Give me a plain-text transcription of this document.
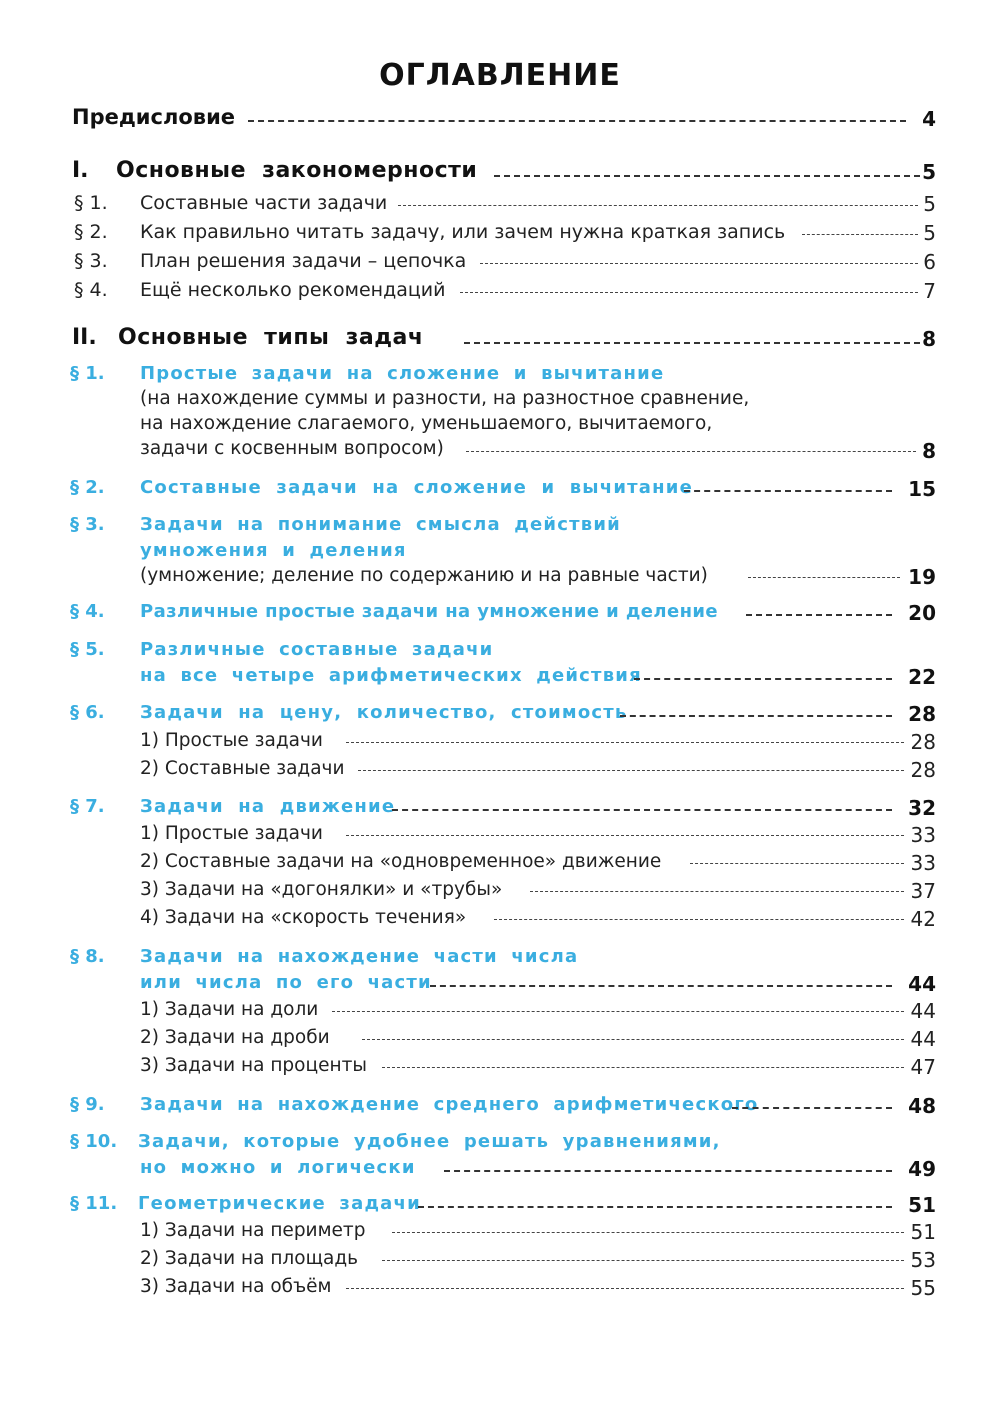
ОГЛАВЛЕНИЕ
Предисловие	4
I. Основные закономерности	5
§ 1. Составные части задачи	5
§ 2. Как правильно читать задачу, или зачем нужна краткая запись	5
§ 3. План решения задачи – цепочка	6
§ 4. Ещё несколько рекомендаций	7
II. Основные типы задач	8
§ 1. Простые задачи на сложение и вычитание
(на нахождение суммы и разности, на разностное сравнение,
на нахождение слагаемого, уменьшаемого, вычитаемого,
задачи с косвенным вопросом)	8
§ 2. Составные задачи на сложение и вычитание	15
§ 3. Задачи на понимание смысла действий
умножения и деления
(умножение; деление по содержанию и на равные части)	19
§ 4. Различные простые задачи на умножение и деление	20
§ 5. Различные составные задачи
на все четыре арифметических действия	22
§ 6. Задачи на цену, количество, стоимость	28
1) Простые задачи	28
2) Составные задачи	28
§ 7. Задачи на движение	32
1) Простые задачи	33
2) Составные задачи на «одновременное» движение	33
3) Задачи на «догонялки» и «трубы»	37
4) Задачи на «скорость течения»	42
§ 8. Задачи на нахождение части числа
или числа по его части	44
1) Задачи на доли	44
2) Задачи на дроби	44
3) Задачи на проценты	47
§ 9. Задачи на нахождение среднего арифметического	48
§ 10. Задачи, которые удобнее решать уравнениями,
но можно и логически	49
§ 11. Геометрические задачи	51
1) Задачи на периметр	51
2) Задачи на площадь	53
3) Задачи на объём	55
